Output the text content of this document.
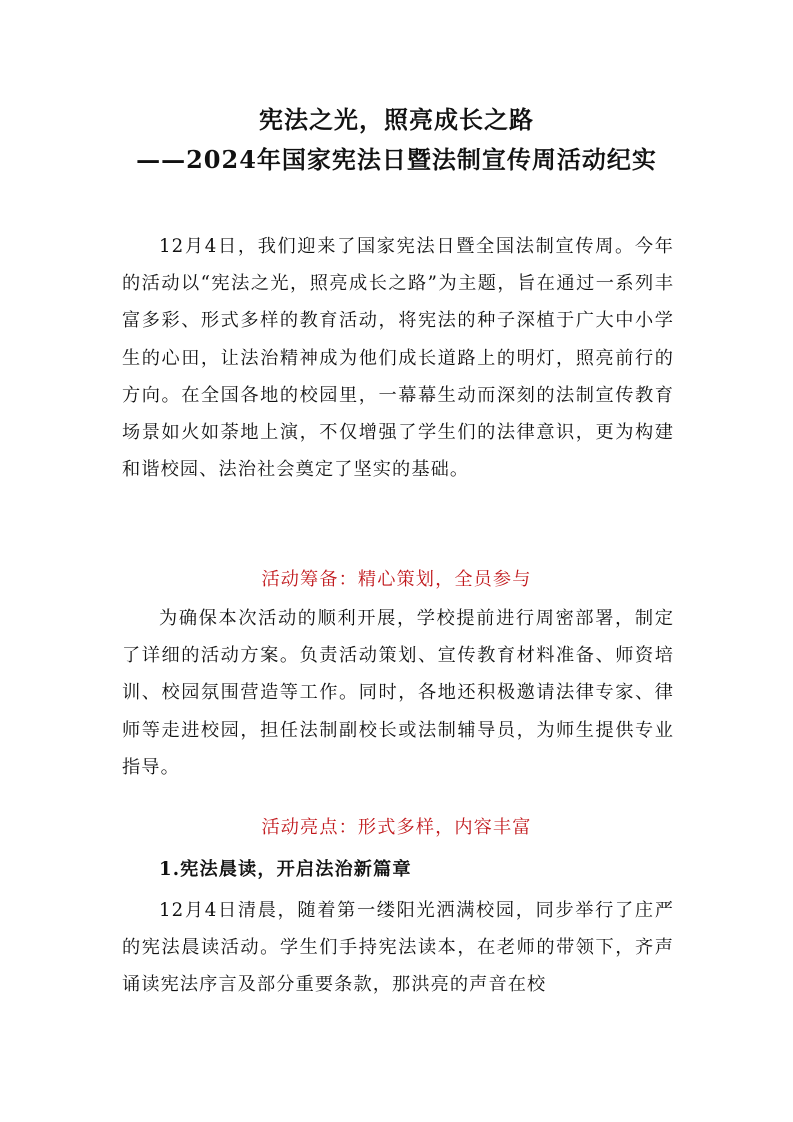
宪法之光，照亮成长之路
——2024年国家宪法日暨法制宣传周活动纪实

12月4日，我们迎来了国家宪法日暨全国法制宣传周。今年的活动以“宪法之光，照亮成长之路”为主题，旨在通过一系列丰富多彩、形式多样的教育活动，将宪法的种子深植于广大中小学生的心田，让法治精神成为他们成长道路上的明灯，照亮前行的方向。在全国各地的校园里，一幕幕生动而深刻的法制宣传教育场景如火如荼地上演，不仅增强了学生们的法律意识，更为构建和谐校园、法治社会奠定了坚实的基础。

活动筹备：精心策划，全员参与

为确保本次活动的顺利开展，学校提前进行周密部署，制定了详细的活动方案。负责活动策划、宣传教育材料准备、师资培训、校园氛围营造等工作。同时，各地还积极邀请法律专家、律师等走进校园，担任法制副校长或法制辅导员，为师生提供专业指导。

活动亮点：形式多样，内容丰富
1.宪法晨读，开启法治新篇章

12月4日清晨，随着第一缕阳光洒满校园，同步举行了庄严的宪法晨读活动。学生们手持宪法读本，在老师的带领下，齐声诵读宪法序言及部分重要条款，那洪亮的声音在校
